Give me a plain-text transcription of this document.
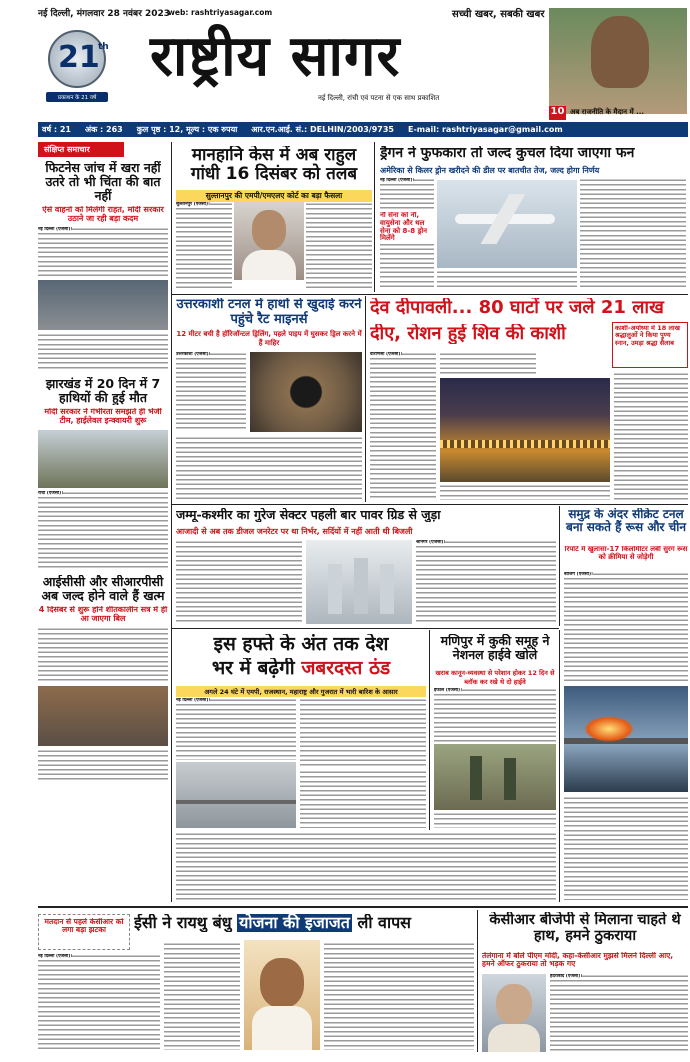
नई दिल्ली, मंगलवार 28 नवंबर 2023
web: rashtriyasagar.com	सच्ची खबर, सबकी खबर
21
th
प्रकाशन के 21 वर्ष
राष्ट्रीय सागर
नई दिल्ली, रांची एवं पटना से एक साथ प्रकाशित
10 अब राजनीति के मैदान में ...
वर्ष : 21 अंक : 263 कुल पृष्ठ : 12, मूल्य : एक रुपया आर.एन.आई. सं.: DELHIN/2003/9735 E-mail: rashtriyasagar@gmail.com
संक्षिप्त समाचार
फिटनेस जांच में खरा नहीं उतरे तो भी चिंता की बात नहीं
ऐसे वाहनों को मिलेगी राहत, मोदी सरकार उठाने जा रही बड़ा कदम
नई दिल्ली (एजेंसी)।
झारखंड में 20 दिन में 7 हाथियों की हुई मौत
मोदी सरकार ने गंभीरता समझते ही भेजी टीम, हाईलेवल इन्क्वायरी शुरू
रांची (एजेंसी)।
आईसीसी और सीआरपीसी अब जल्द होने वाले हैं खत्म
4 दिसंबर से शुरू होने शीतकालीन सत्र में ही आ जाएगा बिल
मानहानि केस में अब राहुल गांधी 16 दिसंबर को तलब
सुल्तानपुर की एमपी/एमएलए कोर्ट का बड़ा फैसला
सुल्तानपुर (एजेंसी)।
ड्रैगन ने फुफकारा तो जल्द कुचल दिया जाएगा फन
अमेरिका से किलर ड्रोन खरीदने की डील पर बातचीत तेज, जल्द होगा निर्णय
नई दिल्ली (एजेंसी)।
नौ सेना को नौ, वायुसेना और थल सेना को 8-8 ड्रोन मिलेंगे
उत्तरकाशी टनल में हाथों से खुदाई करने पहुंचे रैट माइनर्स
12 मीटर बची है हॉरिजॉन्टल ड्रिलिंग, पहले पाइप में घुसकर ड्रिल करने में हैं माहिर
उत्तरकाशी (एजेंसी)।
देव दीपावली... 80 घाटों पर जले 21 लाख
दीए, रोशन हुई शिव की काशी	काशी-अयोध्या में 18 लाख श्रद्धालुओं ने किया पुण्य स्नान, उमड़ा श्रद्धा सैलाब
वाराणसी (एजेंसी)।
जम्मू-कश्मीर का गुरेज सेक्टर पहली बार पावर ग्रिड से जुड़ा
आजादी से अब तक डीजल जनरेटर पर था निर्भर, सर्दियों में नहीं आती थी बिजली
श्रीनगर (एजेंसी)।
समुद्र के अंदर सीक्रेट टनल बना सकते हैं रूस और चीन
रिपोर्ट में खुलासा-17 किलोमीटर लंबी सुरंग रूस को क्रीमिया से जोड़ेगी
बीजिंग (एजेंसी)।
इस हफ्ते के अंत तक देश
भर में बढ़ेगी जबरदस्त ठंड
अगले 24 घंटे में एमपी, राजस्थान, महाराष्ट्र और गुजरात में भारी बारिश के आसार
नई दिल्ली (एजेंसी)।
मणिपुर में कुकी समूह ने नेशनल हाईवे खोले
खराब कानून-व्यवस्था से परेशान होकर 12 दिन से ब्लॉक कर रखे थे दो हाईवे
इंफाल (एजेंसी)।
मतदान से पहले केसीआर को लगा बड़ा झटका	ईसी ने रायथु बंधु योजना की इजाजत ली वापस
नई दिल्ली (एजेंसी)।
केसीआर बीजेपी से मिलाना चाहते थे हाथ, हमने ठुकराया
तेलंगाना में बोले पीएम मोदी, कहा-केसीआर मुझसे मिलने दिल्ली आए, हमने ऑफर ठुकराया तो भड़क गए
हैदराबाद (एजेंसी)।
